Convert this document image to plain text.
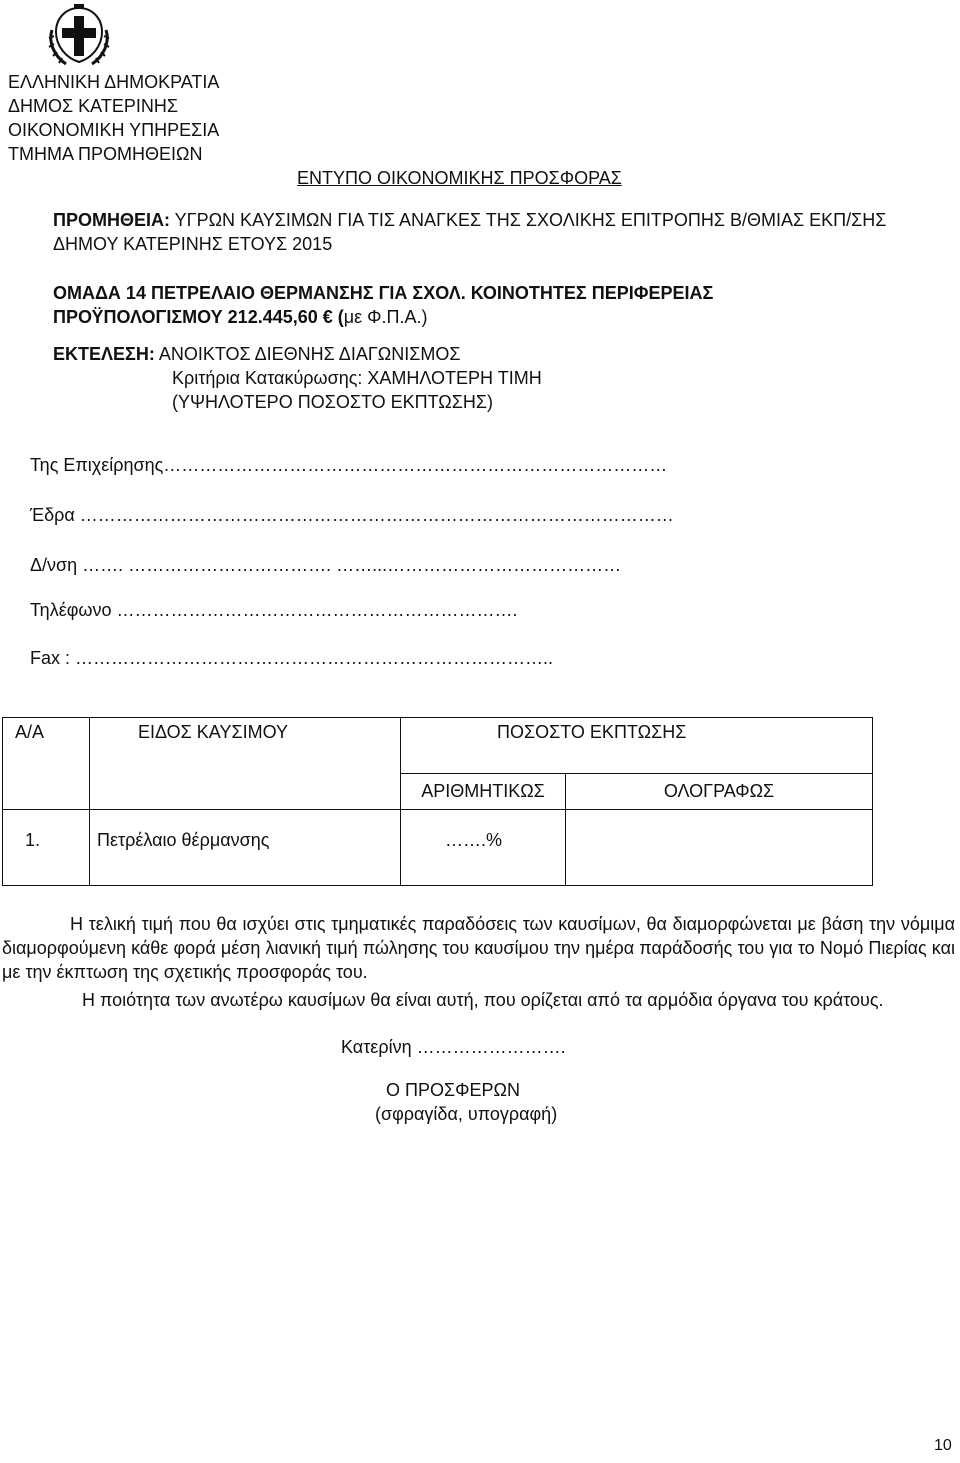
ΕΛΛΗΝΙΚΗ ΔΗΜΟΚΡΑΤΙΑ
ΔΗΜΟΣ ΚΑΤΕΡΙΝΗΣ
ΟΙΚΟΝΟΜΙΚΗ ΥΠΗΡΕΣΙΑ
ΤΜΗΜΑ ΠΡΟΜΗΘΕΙΩΝ
ΕΝΤΥΠΟ ΟΙΚΟΝΟΜΙΚΗΣ ΠΡΟΣΦΟΡΑΣ
ΠΡΟΜΗΘΕΙΑ: ΥΓΡΩΝ ΚΑΥΣΙΜΩΝ ΓΙΑ ΤΙΣ ΑΝΑΓΚΕΣ ΤΗΣ ΣΧΟΛΙΚΗΣ ΕΠΙΤΡΟΠΗΣ Β/ΘΜΙΑΣ ΕΚΠ/ΣΗΣ
ΔΗΜΟΥ ΚΑΤΕΡΙΝΗΣ ΕΤΟΥΣ 2015
ΟΜΑΔΑ 14 ΠΕΤΡΕΛΑΙΟ ΘΕΡΜΑΝΣΗΣ ΓΙΑ ΣΧΟΛ. ΚΟΙΝΟΤΗΤΕΣ ΠΕΡΙΦΕΡΕΙΑΣ
ΠΡΟΫΠΟΛΟΓΙΣΜΟΥ 212.445,60 € (με Φ.Π.Α.)
ΕΚΤΕΛΕΣΗ: ΑΝΟΙΚΤΟΣ ΔΙΕΘΝΗΣ ΔΙΑΓΩΝΙΣΜΟΣ
Κριτήρια Κατακύρωσης: ΧΑΜΗΛΟΤΕΡΗ ΤΙΜΗ
(ΥΨΗΛΟΤΕΡΟ ΠΟΣΟΣΤΟ ΕΚΠΤΩΣΗΣ)
Της Επιχείρησης…………………………………………………………………………
Έδρα ………………………………………………………………………………………
Δ/νση ……. ……………………………. ……...…………………………………
Τηλέφωνο ………………………………………………………….
Fax : ……………………………………………………………………..
Α/Α	ΕΙΔΟΣ ΚΑΥΣΙΜΟΥ	ΠΟΣΟΣΤΟ ΕΚΠΤΩΣΗΣ	
		ΑΡΙΘΜΗΤΙΚΩΣ	ΟΛΟΓΡΑΦΩΣ
1.	Πετρέλαιο θέρμανσης	…….%	
Η τελική τιμή που θα ισχύει στις τμηματικές παραδόσεις των καυσίμων, θα διαμορφώνεται με βάση την νόμιμα διαμορφούμενη κάθε φορά μέση λιανική τιμή πώλησης του καυσίμου την ημέρα παράδοσής του για το Νομό Πιερίας και με την έκπτωση της σχετικής προσφοράς του.
Η ποιότητα των ανωτέρω καυσίμων θα είναι αυτή, που ορίζεται από τα αρμόδια όργανα του κράτους.
Κατερίνη …………………….
Ο ΠΡΟΣΦΕΡΩΝ
(σφραγίδα, υπογραφή)
10
